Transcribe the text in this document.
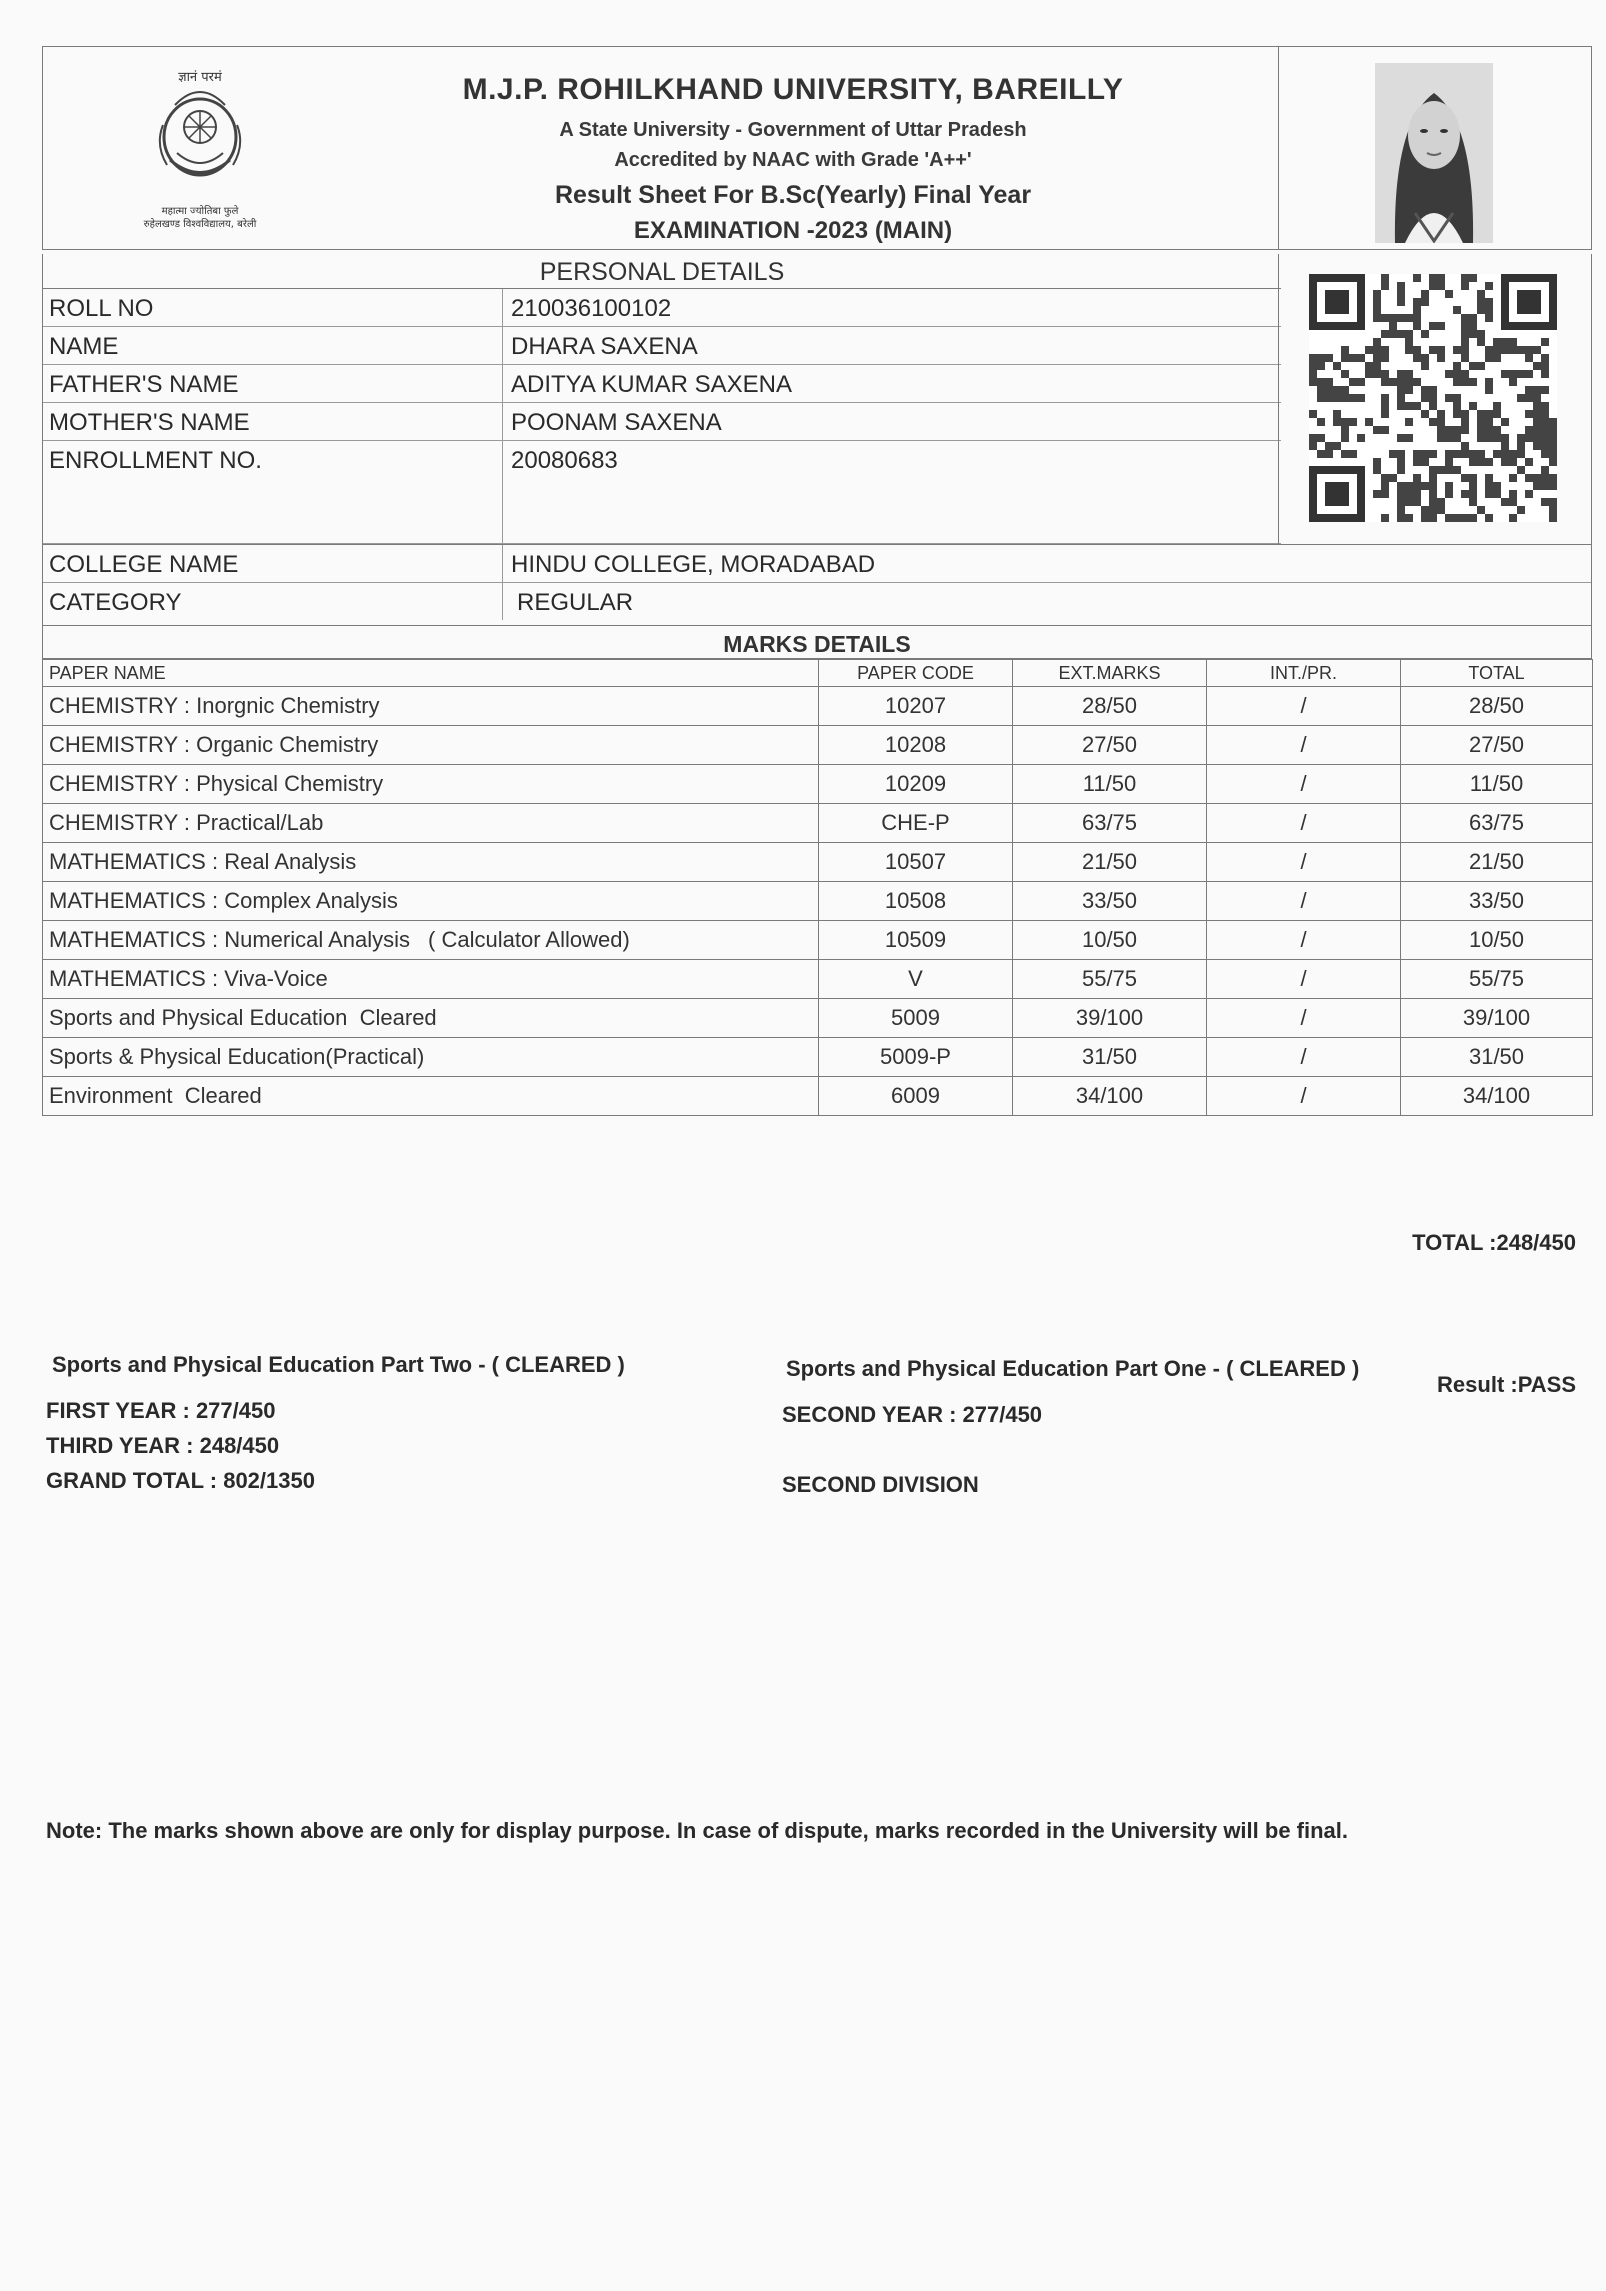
ज्ञानं परमं
महात्मा ज्योतिबा फुले
रुहेलखण्ड विश्वविद्यालय, बरेली
M.J.P. ROHILKHAND UNIVERSITY, BAREILLY
A State University - Government of Uttar Pradesh
Accredited by NAAC with Grade 'A++'
Result Sheet For B.Sc(Yearly) Final Year
EXAMINATION -2023 (MAIN)
PERSONAL DETAILS
ROLL NO	210036100102
NAME	DHARA SAXENA
FATHER'S NAME	ADITYA KUMAR SAXENA
MOTHER'S NAME	POONAM SAXENA
ENROLLMENT NO.	20080683
COLLEGE NAME	HINDU COLLEGE, MORADABAD
CATEGORY	REGULAR
MARKS DETAILS
PAPER NAME	PAPER CODE	EXT.MARKS	INT./PR.	TOTAL
CHEMISTRY : Inorgnic Chemistry	10207	28/50	/	28/50
CHEMISTRY : Organic Chemistry	10208	27/50	/	27/50
CHEMISTRY : Physical Chemistry	10209	11/50	/	11/50
CHEMISTRY : Practical/Lab	CHE-P	63/75	/	63/75
MATHEMATICS : Real Analysis	10507	21/50	/	21/50
MATHEMATICS : Complex Analysis	10508	33/50	/	33/50
MATHEMATICS : Numerical Analysis ( Calculator Allowed)	10509	10/50	/	10/50
MATHEMATICS : Viva-Voice	V	55/75	/	55/75
Sports and Physical Education  Cleared	5009	39/100	/	39/100
Sports & Physical Education(Practical)	5009-P	31/50	/	31/50
Environment  Cleared	6009	34/100	/	34/100
TOTAL :248/450
Result :PASS
Sports and Physical Education Part Two - ( CLEARED )	Sports and Physical Education Part One - ( CLEARED )
FIRST YEAR : 277/450	SECOND YEAR : 277/450
THIRD YEAR : 248/450
GRAND TOTAL : 802/1350	SECOND DIVISION
Note: The marks shown above are only for display purpose. In case of dispute, marks recorded in the University will be final.
